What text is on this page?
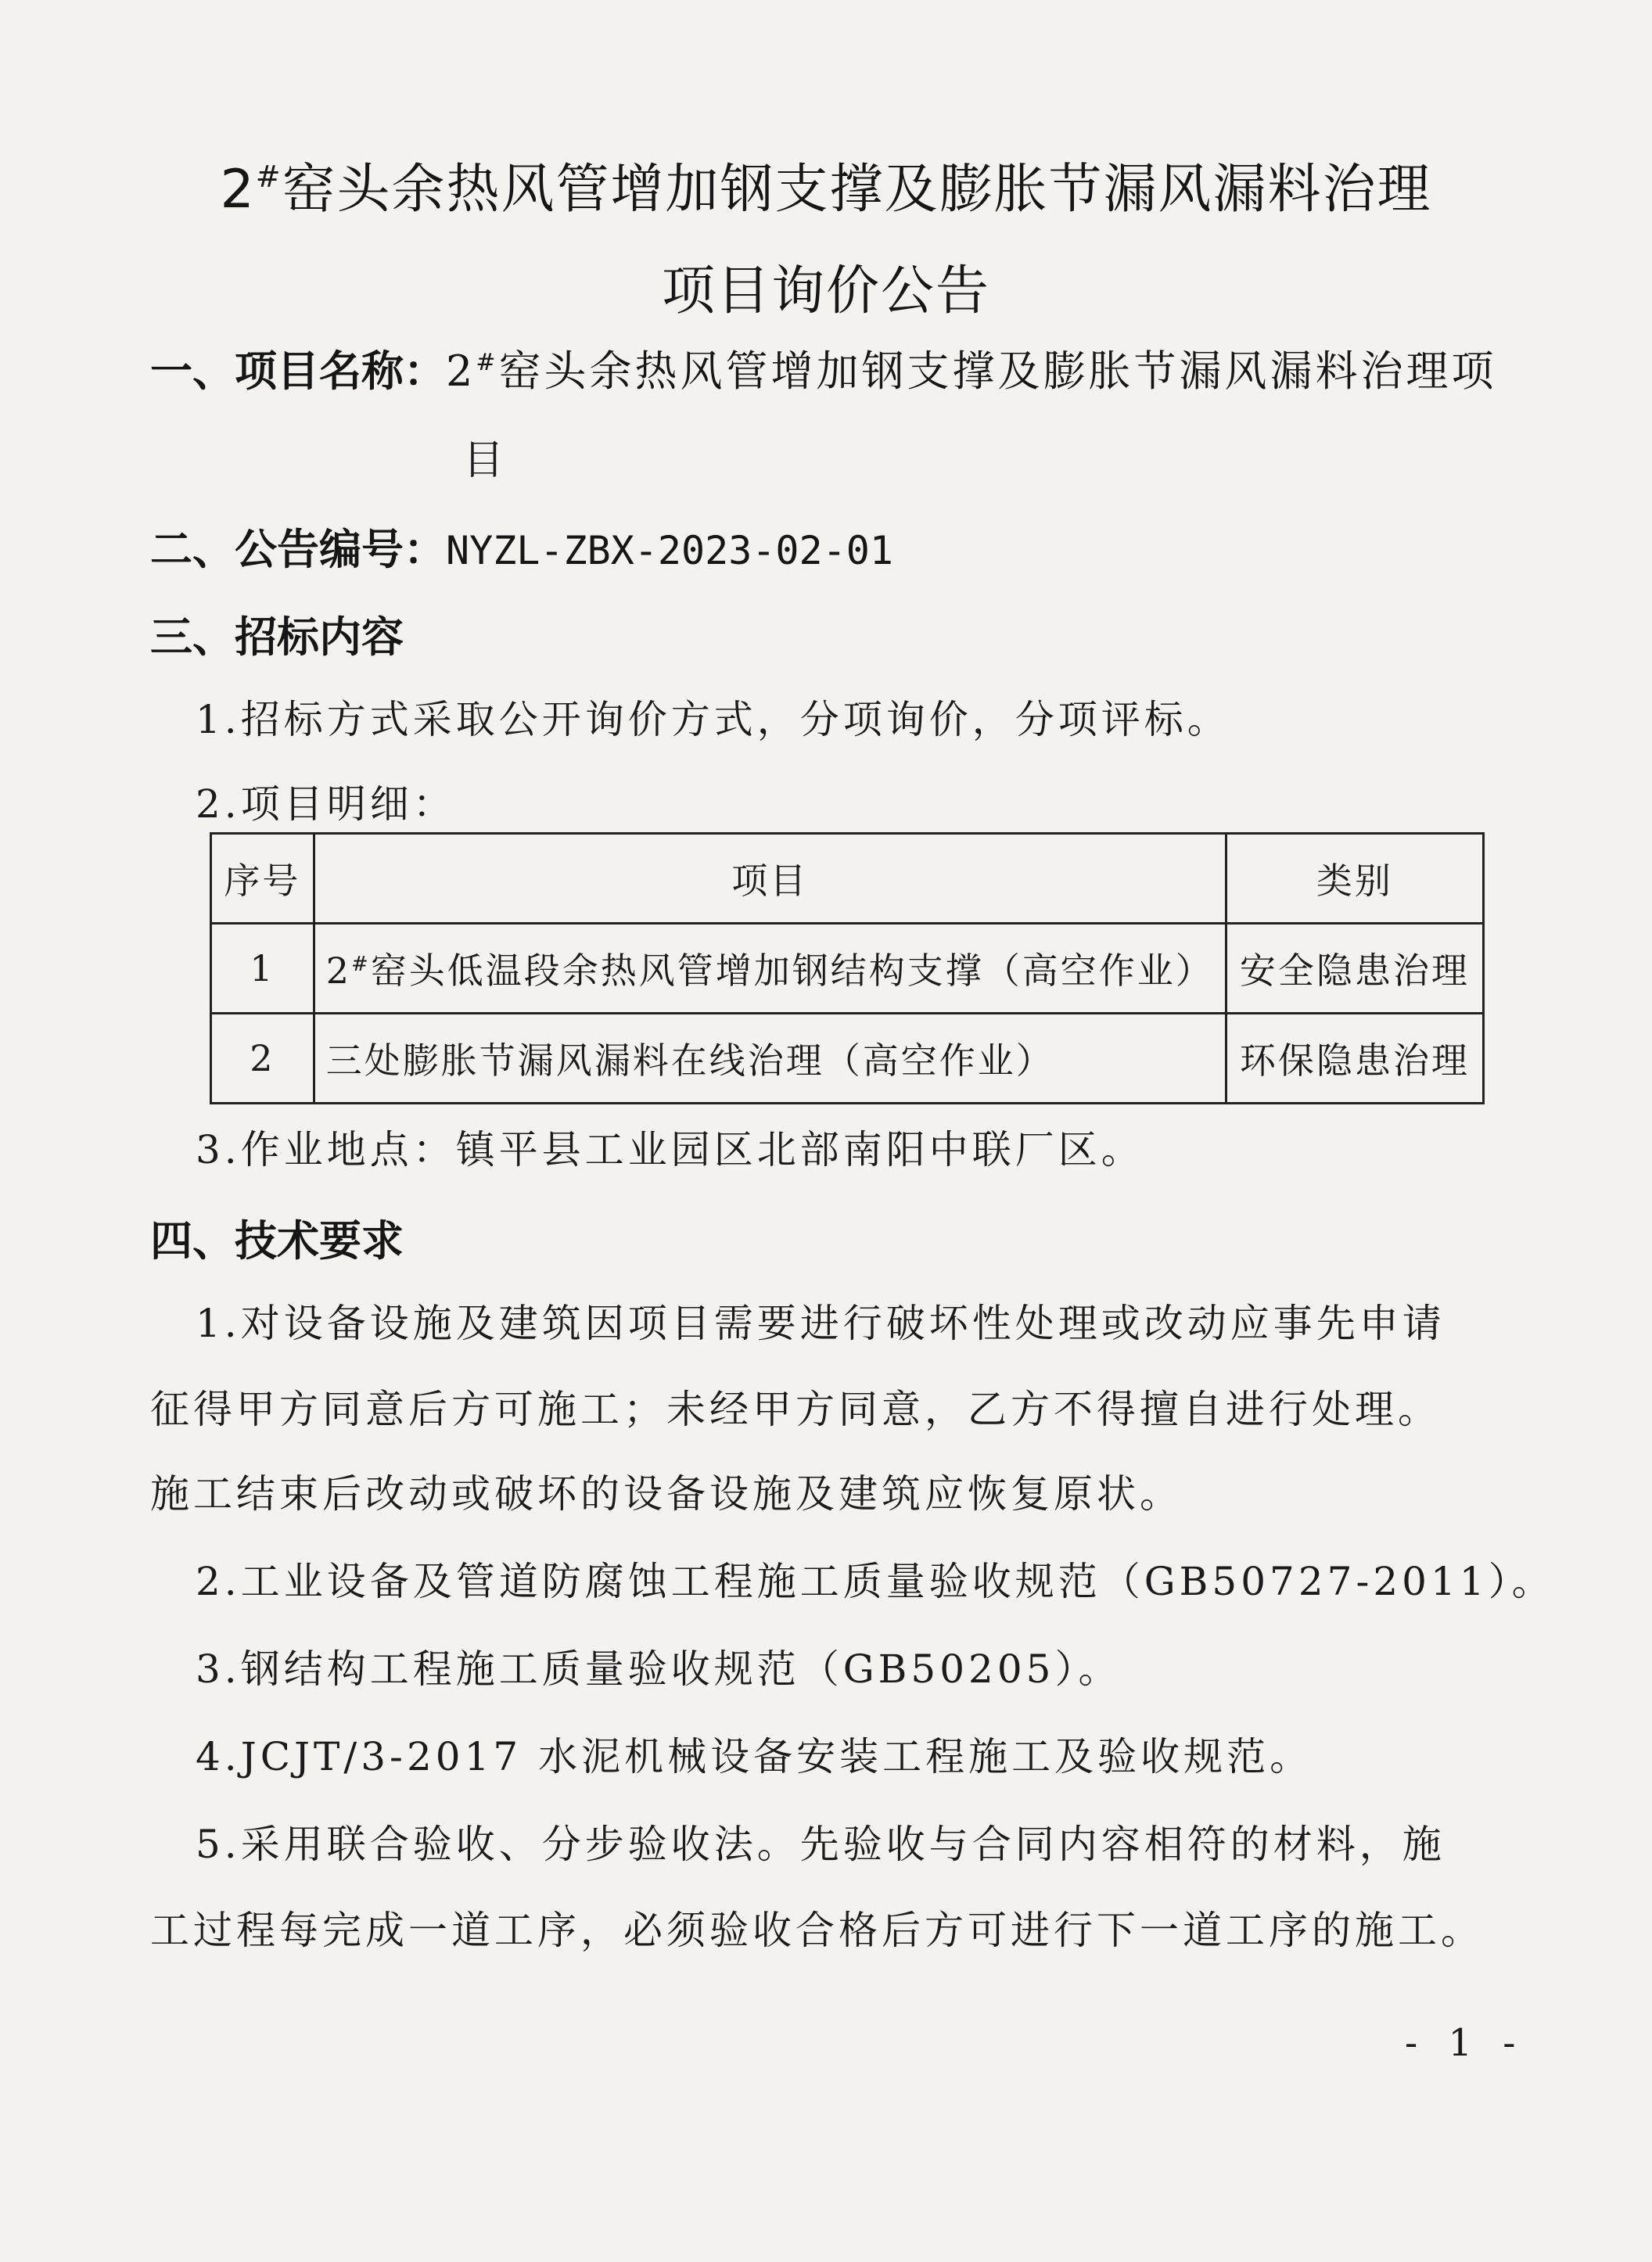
2#窑头余热风管增加钢支撑及膨胀节漏风漏料治理
项目询价公告
一、项目名称：2#窑头余热风管增加钢支撑及膨胀节漏风漏料治理项
目
二、公告编号：NYZL-ZBX-2023-02-01
三、招标内容
1.招标方式采取公开询价方式，分项询价，分项评标。
2.项目明细：
序号	项目	类别
1	2#窑头低温段余热风管增加钢结构支撑（高空作业）	安全隐患治理
2	三处膨胀节漏风漏料在线治理（高空作业）	环保隐患治理
3.作业地点：镇平县工业园区北部南阳中联厂区。
四、技术要求
1.对设备设施及建筑因项目需要进行破坏性处理或改动应事先申请
征得甲方同意后方可施工；未经甲方同意，乙方不得擅自进行处理。
施工结束后改动或破坏的设备设施及建筑应恢复原状。
2.工业设备及管道防腐蚀工程施工质量验收规范（GB50727-2011）。
3.钢结构工程施工质量验收规范（GB50205）。
4.JCJT/3-2017 水泥机械设备安装工程施工及验收规范。
5.采用联合验收、分步验收法。先验收与合同内容相符的材料，施
工过程每完成一道工序，必须验收合格后方可进行下一道工序的施工。
- 1 -
